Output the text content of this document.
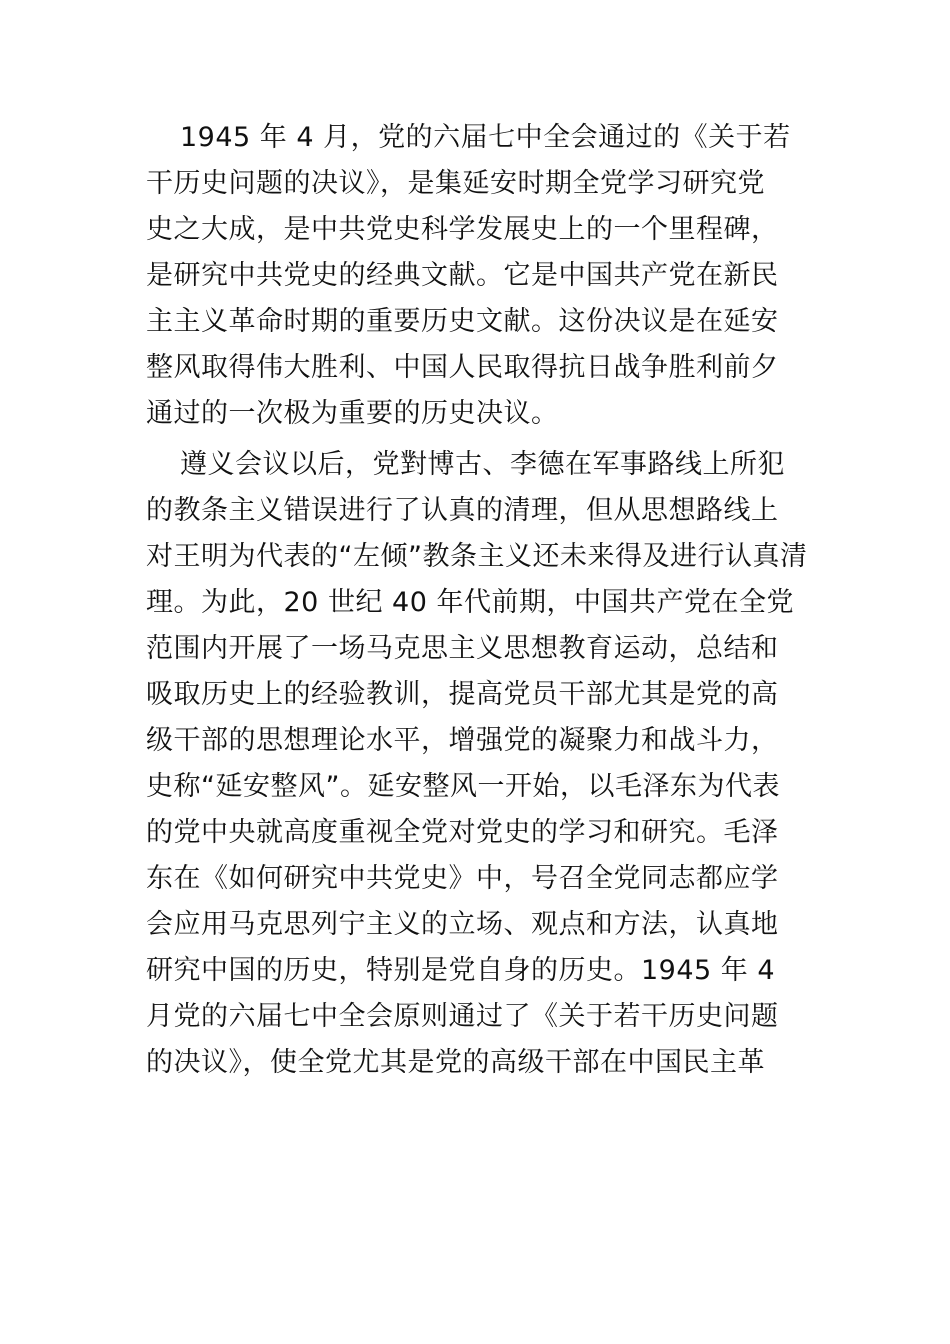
1945 年 4 月，党的六届七中全会通过的《关于若
干历史问题的决议》，是集延安时期全党学习研究党
史之大成，是中共党史科学发展史上的一个里程碑，
是研究中共党史的经典文献。它是中国共产党在新民
主主义革命时期的重要历史文献。这份决议是在延安
整风取得伟大胜利、中国人民取得抗日战争胜利前夕
通过的一次极为重要的历史决议。
遵义会议以后，党對博古、李德在军事路线上所犯
的教条主义错误进行了认真的清理，但从思想路线上
对王明为代表的“左倾”教条主义还未来得及进行认真清
理。为此，20 世纪 40 年代前期，中国共产党在全党
范围内开展了一场马克思主义思想教育运动，总结和
吸取历史上的经验教训，提高党员干部尤其是党的高
级干部的思想理论水平，增强党的凝聚力和战斗力，
史称“延安整风”。延安整风一开始，以毛泽东为代表
的党中央就高度重视全党对党史的学习和研究。毛泽
东在《如何研究中共党史》中，号召全党同志都应学
会应用马克思列宁主义的立场、观点和方法，认真地
研究中国的历史，特别是党自身的历史。1945 年 4
月党的六届七中全会原则通过了《关于若干历史问题
的决议》，使全党尤其是党的高级干部在中国民主革
